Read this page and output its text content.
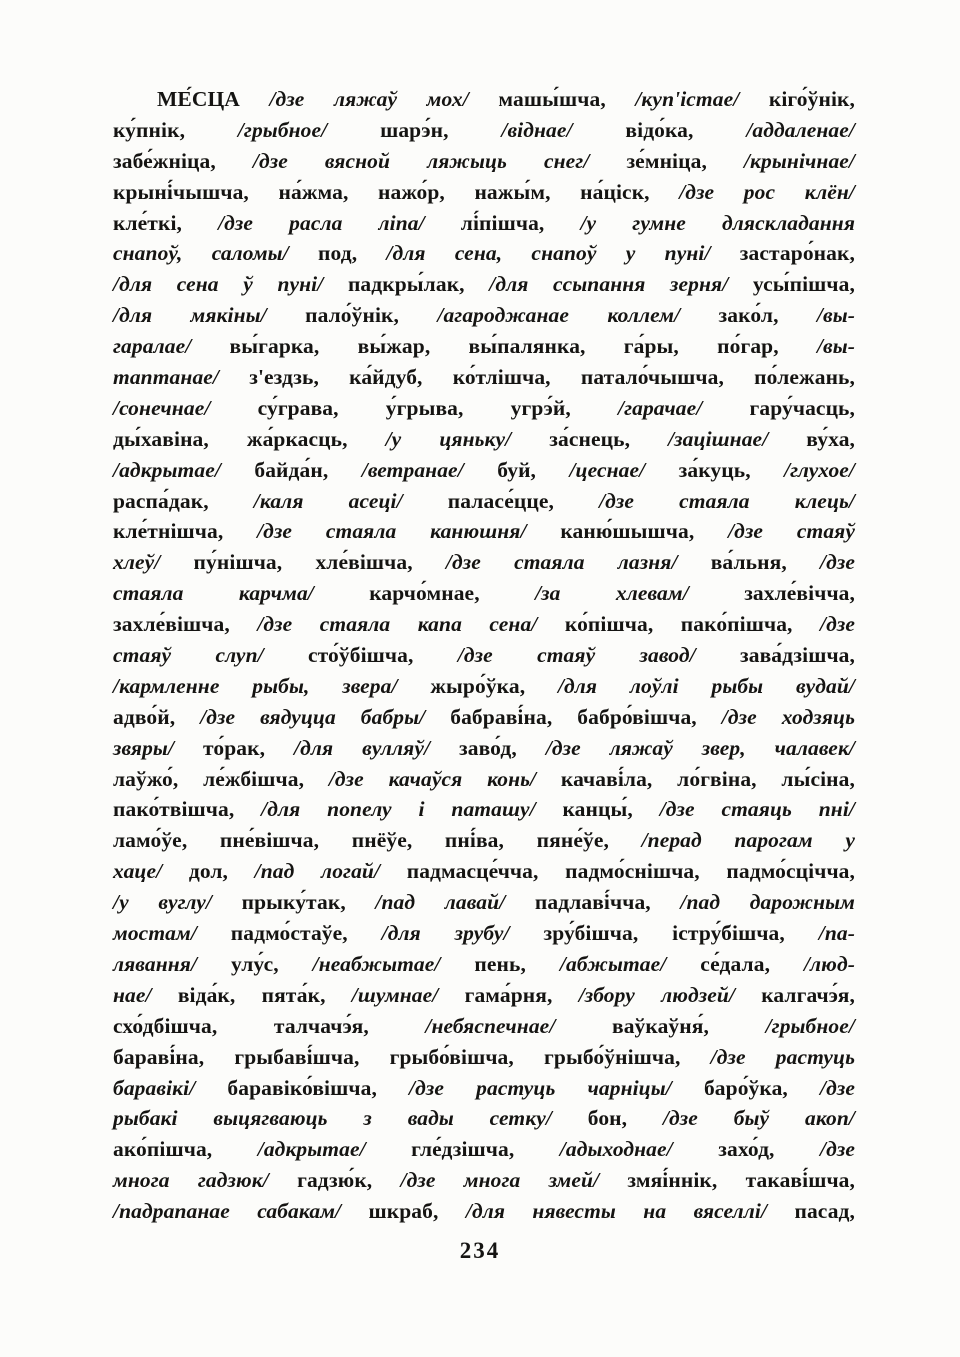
МЕ́СЦА /дзе ляжаў мох/ машы́шча, /куп'істае/ кіго́ўнік,
ку́пнік, /грыбное/ шарэ́н, /віднае/ відо́ка, /аддаленае/
забе́жніца, /дзе вясной ляжыць снег/ зе́мніца, /крынічнае/
крыні́чышча, на́жма, нажо́р, нажы́м, на́ціск, /дзе рос клён/
кле́ткі, /дзе расла ліпа/ лі́пішча, /у гумне дляскладання
снапоў, саломы/ под, /для сена, снапоў у пуні/ застаро́нак,
/для сена ў пуні/ падкры́лак, /для ссыпання зерня/ усы́пішча,
/для мякіны/ пало́ўнік, /агароджанае коллем/ зако́л, /вы-
гаралае/ вы́гарка, вы́жар, вы́палянка, га́ры, по́гар, /вы-
таптанае/ з'ездзь, ка́йдуб, ко́тлішча, патало́чышча, по́лежань,
/сонечнае/ су́грава, у́грыва, угрэ́й, /гарачае/ гару́часць,
ды́хавіна, жа́ркасць, /у цяньку/ за́снець, /зацішнае/ ву́ха,
/адкрытае/ байда́н, /ветранае/ буй, /цеснае/ за́куць, /глухое/
распа́дак, /каля асеці/ паласе́цце, /дзе стаяла клець/
кле́тнішча, /дзе стаяла канюшня/ каню́шышча, /дзе стаяў
хлеў/ пу́нішча, хле́вішча, /дзе стаяла лазня/ ва́льня, /дзе
стаяла карчма/ карчо́мнае, /за хлевам/ захле́вічча,
захле́вішча, /дзе стаяла капа сена/ ко́пішча, пако́пішча, /дзе
стаяў слуп/ сто́ўбішча, /дзе стаяў завод/ зава́дзішча,
/кармленне рыбы, звера/ жыро́ўка, /для лоўлі рыбы вудай/
адво́й, /дзе вядуцца бабры/ бабраві́на, бабро́вішча, /дзе ходзяць
звяры/ то́рак, /для вулляў/ заво́д, /дзе ляжаў звер, чалавек/
лаўжо́, ле́жбішча, /дзе качаўся конь/ качаві́ла, ло́гвіна, лы́сіна,
пако́твішча, /для попелу і паташу/ канцы́, /дзе стаяць пні/
ламо́ўе, пне́вішча, пнёўе, пні́ва, пяне́ўе, /перад парогам у
хаце/ дол, /пад логай/ падмасце́чча, падмо́снішча, падмо́сцічча,
/у вуглу/ прыку́так, /пад лавай/ падлаві́чча, /пад дарожным
мостам/ падмо́стаўе, /для зрубу/ зру́бішча, істру́бішча, /па-
лявання/ улу́с, /неабжытае/ пень, /абжытае/ се́дала, /люд-
нае/ віда́к, пята́к, /шумнае/ гама́рня, /збору людзей/ калгачэ́я,
схо́дбішча, талчачэ́я, /небяспечнае/ ваўкаўня́, /грыбное/
бараві́на, грыбаві́шча, грыбо́вішча, грыбо́ўнішча, /дзе растуць
баравікі/ баравіко́вішча, /дзе растуць чарніцы/ баро́ўка, /дзе
рыбакі выцягваюць з вады сетку/ бон, /дзе быў акоп/
ако́пішча, /адкрытае/ гле́дзішча, /адыходнае/ захо́д, /дзе
многа гадзюк/ гадзю́к, /дзе многа змей/ змяі́ннік, такаві́шча,
/падрапанае сабакам/ шкраб, /для нявесты на вяселлі/ пасад,
234
